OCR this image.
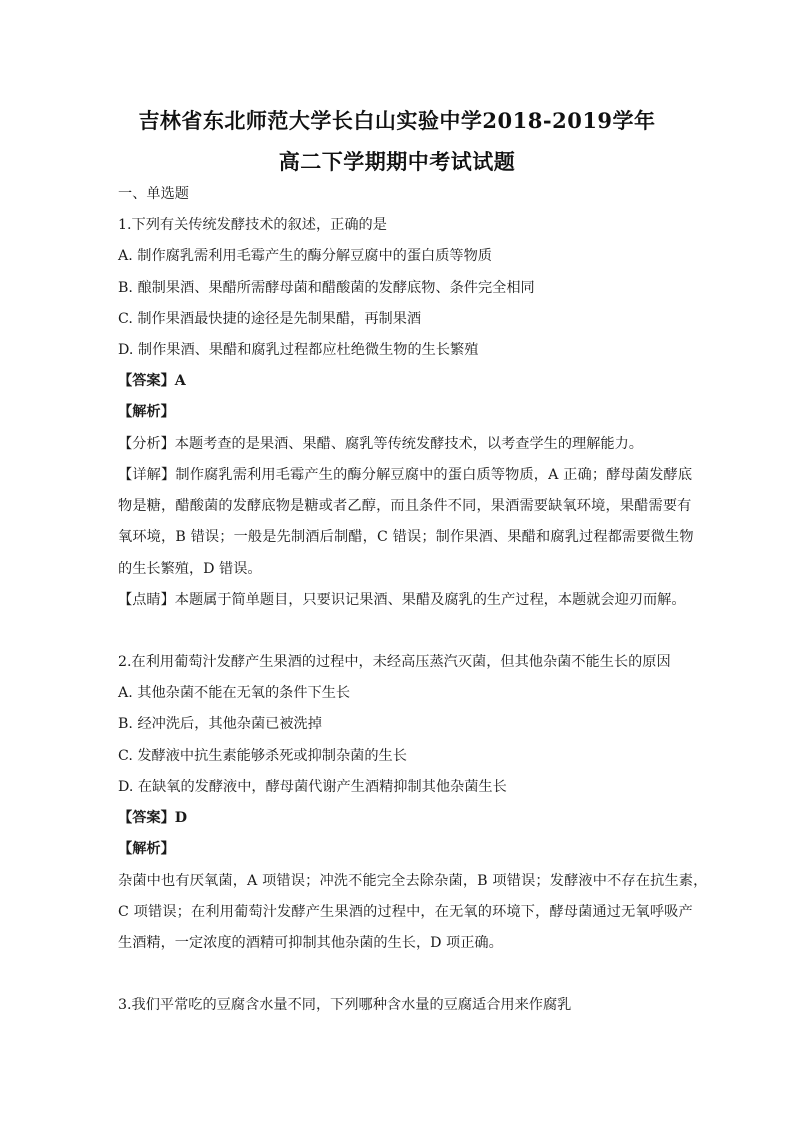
吉林省东北师范大学长白山实验中学2018-2019学年
高二下学期期中考试试题
一、单选题
1.下列有关传统发酵技术的叙述，正确的是
A. 制作腐乳需利用毛霉产生的酶分解豆腐中的蛋白质等物质
B. 酿制果酒、果醋所需酵母菌和醋酸菌的发酵底物、条件完全相同
C. 制作果酒最快捷的途径是先制果醋，再制果酒
D. 制作果酒、果醋和腐乳过程都应杜绝微生物的生长繁殖
【答案】A
【解析】
【分析】本题考查的是果酒、果醋、腐乳等传统发酵技术，以考查学生的理解能力。
【详解】制作腐乳需利用毛霉产生的酶分解豆腐中的蛋白质等物质，A 正确；酵母菌发酵底
物是糖，醋酸菌的发酵底物是糖或者乙醇，而且条件不同，果酒需要缺氧环境，果醋需要有
氧环境，B 错误；一般是先制酒后制醋，C 错误；制作果酒、果醋和腐乳过程都需要微生物
的生长繁殖，D 错误。
【点睛】本题属于简单题目，只要识记果酒、果醋及腐乳的生产过程，本题就会迎刃而解。
2.在利用葡萄汁发酵产生果酒的过程中，未经高压蒸汽灭菌，但其他杂菌不能生长的原因
A. 其他杂菌不能在无氧的条件下生长
B. 经冲洗后，其他杂菌已被洗掉
C. 发酵液中抗生素能够杀死或抑制杂菌的生长
D. 在缺氧的发酵液中，酵母菌代谢产生酒精抑制其他杂菌生长
【答案】D
【解析】
杂菌中也有厌氧菌，A 项错误；冲洗不能完全去除杂菌，B 项错误；发酵液中不存在抗生素，
C 项错误；在利用葡萄汁发酵产生果酒的过程中，在无氧的环境下，酵母菌通过无氧呼吸产
生酒精，一定浓度的酒精可抑制其他杂菌的生长，D 项正确。
3.我们平常吃的豆腐含水量不同，下列哪种含水量的豆腐适合用来作腐乳
